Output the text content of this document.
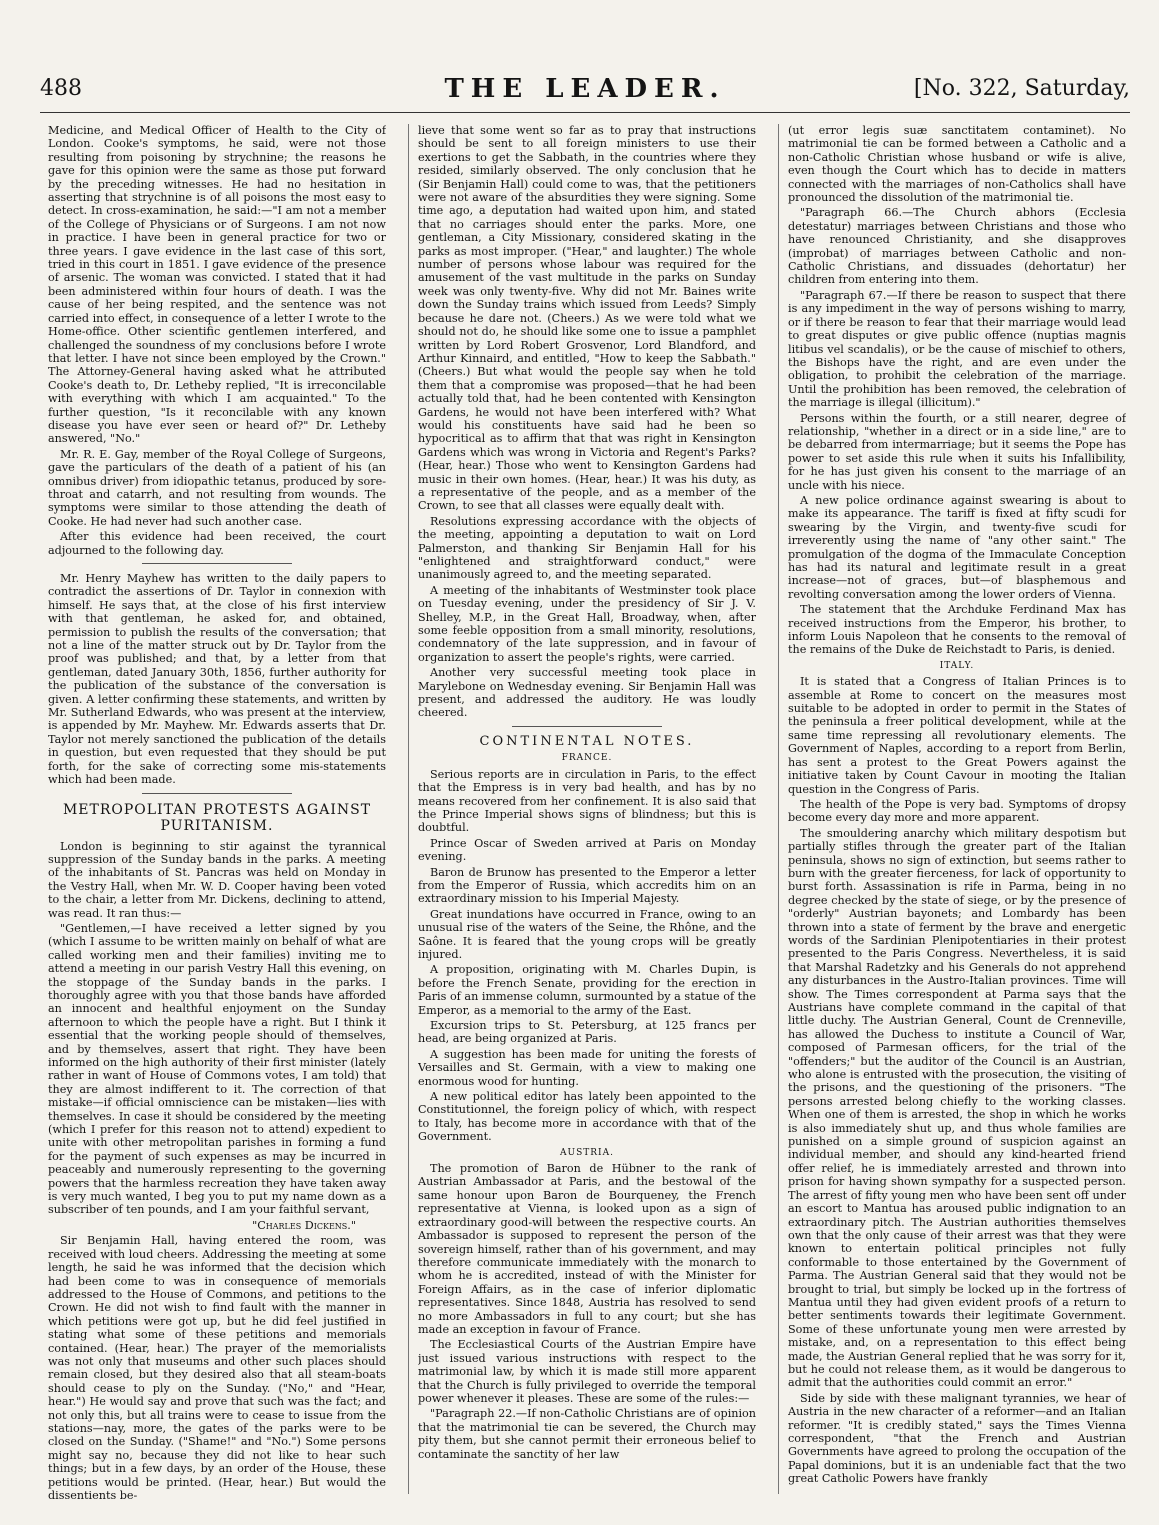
488	THE LEADER.	[No. 322, Saturday,

Medicine, and Medical Officer of Health to the City of London. Cooke's symptoms, he said, were not those resulting from poisoning by strychnine; the reasons he gave for this opinion were the same as those put forward by the preceding witnesses. He had no hesitation in asserting that strychnine is of all poisons the most easy to detect. In cross-examination, he said:—"I am not a member of the College of Physicians or of Surgeons. I am not now in practice. I have been in general practice for two or three years. I gave evidence in the last case of this sort, tried in this court in 1851. I gave evidence of the presence of arsenic. The woman was convicted. I stated that it had been administered within four hours of death. I was the cause of her being respited, and the sentence was not carried into effect, in consequence of a letter I wrote to the Home-office. Other scientific gentlemen interfered, and challenged the soundness of my conclusions before I wrote that letter. I have not since been employed by the Crown." The Attorney-General having asked what he attributed Cooke's death to, Dr. Letheby replied, "It is irreconcilable with everything with which I am acquainted." To the further question, "Is it reconcilable with any known disease you have ever seen or heard of?" Dr. Letheby answered, "No."

Mr. R. E. Gay, member of the Royal College of Surgeons, gave the particulars of the death of a patient of his (an omnibus driver) from idiopathic tetanus, produced by sore-throat and catarrh, and not resulting from wounds. The symptoms were similar to those attending the death of Cooke. He had never had such another case.

After this evidence had been received, the court adjourned to the following day.

Mr. Henry Mayhew has written to the daily papers to contradict the assertions of Dr. Taylor in connexion with himself. He says that, at the close of his first interview with that gentleman, he asked for, and obtained, permission to publish the results of the conversation; that not a line of the matter struck out by Dr. Taylor from the proof was published; and that, by a letter from that gentleman, dated January 30th, 1856, further authority for the publication of the substance of the conversation is given. A letter confirming these statements, and written by Mr. Sutherland Edwards, who was present at the interview, is appended by Mr. Mayhew. Mr. Edwards asserts that Dr. Taylor not merely sanctioned the publication of the details in question, but even requested that they should be put forth, for the sake of correcting some mis-statements which had been made.

METROPOLITAN PROTESTS AGAINST PURITANISM.

London is beginning to stir against the tyrannical suppression of the Sunday bands in the parks. A meeting of the inhabitants of St. Pancras was held on Monday in the Vestry Hall, when Mr. W. D. Cooper having been voted to the chair, a letter from Mr. Dickens, declining to attend, was read. It ran thus:—

"Gentlemen,—I have received a letter signed by you (which I assume to be written mainly on behalf of what are called working men and their families) inviting me to attend a meeting in our parish Vestry Hall this evening, on the stoppage of the Sunday bands in the parks. I thoroughly agree with you that those bands have afforded an innocent and healthful enjoyment on the Sunday afternoon to which the people have a right. But I think it essential that the working people should of themselves, and by themselves, assert that right. They have been informed on the high authority of their first minister (lately rather in want of House of Commons votes, I am told) that they are almost indifferent to it. The correction of that mistake—if official omniscience can be mistaken—lies with themselves. In case it should be considered by the meeting (which I prefer for this reason not to attend) expedient to unite with other metropolitan parishes in forming a fund for the payment of such expenses as may be incurred in peaceably and numerously representing to the governing powers that the harmless recreation they have taken away is very much wanted, I beg you to put my name down as a subscriber of ten pounds, and I am your faithful servant,

"Charles Dickens."

Sir Benjamin Hall, having entered the room, was received with loud cheers. Addressing the meeting at some length, he said he was informed that the decision which had been come to was in consequence of memorials addressed to the House of Commons, and petitions to the Crown. He did not wish to find fault with the manner in which petitions were got up, but he did feel justified in stating what some of these petitions and memorials contained. (Hear, hear.) The prayer of the memorialists was not only that museums and other such places should remain closed, but they desired also that all steam-boats should cease to ply on the Sunday. ("No," and "Hear, hear.") He would say and prove that such was the fact; and not only this, but all trains were to cease to issue from the stations—nay, more, the gates of the parks were to be closed on the Sunday. ("Shame!" and "No.") Some persons might say no, because they did not like to hear such things; but in a few days, by an order of the House, these petitions would be printed. (Hear, hear.) But would the dissentients be-

lieve that some went so far as to pray that instructions should be sent to all foreign ministers to use their exertions to get the Sabbath, in the countries where they resided, similarly observed. The only conclusion that he (Sir Benjamin Hall) could come to was, that the petitioners were not aware of the absurdities they were signing. Some time ago, a deputation had waited upon him, and stated that no carriages should enter the parks. More, one gentleman, a City Missionary, considered skating in the parks as most improper. ("Hear," and laughter.) The whole number of persons whose labour was required for the amusement of the vast multitude in the parks on Sunday week was only twenty-five. Why did not Mr. Baines write down the Sunday trains which issued from Leeds? Simply because he dare not. (Cheers.) As we were told what we should not do, he should like some one to issue a pamphlet written by Lord Robert Grosvenor, Lord Blandford, and Arthur Kinnaird, and entitled, "How to keep the Sabbath." (Cheers.) But what would the people say when he told them that a compromise was proposed—that he had been actually told that, had he been contented with Kensington Gardens, he would not have been interfered with? What would his constituents have said had he been so hypocritical as to affirm that that was right in Kensington Gardens which was wrong in Victoria and Regent's Parks? (Hear, hear.) Those who went to Kensington Gardens had music in their own homes. (Hear, hear.) It was his duty, as a representative of the people, and as a member of the Crown, to see that all classes were equally dealt with.

Resolutions expressing accordance with the objects of the meeting, appointing a deputation to wait on Lord Palmerston, and thanking Sir Benjamin Hall for his "enlightened and straightforward conduct," were unanimously agreed to, and the meeting separated.

A meeting of the inhabitants of Westminster took place on Tuesday evening, under the presidency of Sir J. V. Shelley, M.P., in the Great Hall, Broadway, when, after some feeble opposition from a small minority, resolutions, condemnatory of the late suppression, and in favour of organization to assert the people's rights, were carried.

Another very successful meeting took place in Marylebone on Wednesday evening. Sir Benjamin Hall was present, and addressed the auditory. He was loudly cheered.

CONTINENTAL NOTES.
FRANCE.

Serious reports are in circulation in Paris, to the effect that the Empress is in very bad health, and has by no means recovered from her confinement. It is also said that the Prince Imperial shows signs of blindness; but this is doubtful.

Prince Oscar of Sweden arrived at Paris on Monday evening.

Baron de Brunow has presented to the Emperor a letter from the Emperor of Russia, which accredits him on an extraordinary mission to his Imperial Majesty.

Great inundations have occurred in France, owing to an unusual rise of the waters of the Seine, the Rhône, and the Saône. It is feared that the young crops will be greatly injured.

A proposition, originating with M. Charles Dupin, is before the French Senate, providing for the erection in Paris of an immense column, surmounted by a statue of the Emperor, as a memorial to the army of the East.

Excursion trips to St. Petersburg, at 125 francs per head, are being organized at Paris.

A suggestion has been made for uniting the forests of Versailles and St. Germain, with a view to making one enormous wood for hunting.

A new political editor has lately been appointed to the Constitutionnel, the foreign policy of which, with respect to Italy, has become more in accordance with that of the Government.

AUSTRIA.

The promotion of Baron de Hübner to the rank of Austrian Ambassador at Paris, and the bestowal of the same honour upon Baron de Bourqueney, the French representative at Vienna, is looked upon as a sign of extraordinary good-will between the respective courts. An Ambassador is supposed to represent the person of the sovereign himself, rather than of his government, and may therefore communicate immediately with the monarch to whom he is accredited, instead of with the Minister for Foreign Affairs, as in the case of inferior diplomatic representatives. Since 1848, Austria has resolved to send no more Ambassadors in full to any court; but she has made an exception in favour of France.

The Ecclesiastical Courts of the Austrian Empire have just issued various instructions with respect to the matrimonial law, by which it is made still more apparent that the Church is fully privileged to override the temporal power whenever it pleases. These are some of the rules:—

"Paragraph 22.—If non-Catholic Christians are of opinion that the matrimonial tie can be severed, the Church may pity them, but she cannot permit their erroneous belief to contaminate the sanctity of her law

(ut error legis suæ sanctitatem contaminet). No matrimonial tie can be formed between a Catholic and a non-Catholic Christian whose husband or wife is alive, even though the Court which has to decide in matters connected with the marriages of non-Catholics shall have pronounced the dissolution of the matrimonial tie.

"Paragraph 66.—The Church abhors (Ecclesia detestatur) marriages between Christians and those who have renounced Christianity, and she disapproves (improbat) of marriages between Catholic and non-Catholic Christians, and dissuades (dehortatur) her children from entering into them.

"Paragraph 67.—If there be reason to suspect that there is any impediment in the way of persons wishing to marry, or if there be reason to fear that their marriage would lead to great disputes or give public offence (nuptias magnis litibus vel scandalis), or be the cause of mischief to others, the Bishops have the right, and are even under the obligation, to prohibit the celebration of the marriage. Until the prohibition has been removed, the celebration of the marriage is illegal (illicitum)."

Persons within the fourth, or a still nearer, degree of relationship, "whether in a direct or in a side line," are to be debarred from intermarriage; but it seems the Pope has power to set aside this rule when it suits his Infallibility, for he has just given his consent to the marriage of an uncle with his niece.

A new police ordinance against swearing is about to make its appearance. The tariff is fixed at fifty scudi for swearing by the Virgin, and twenty-five scudi for irreverently using the name of "any other saint." The promulgation of the dogma of the Immaculate Conception has had its natural and legitimate result in a great increase—not of graces, but—of blasphemous and revolting conversation among the lower orders of Vienna.

The statement that the Archduke Ferdinand Max has received instructions from the Emperor, his brother, to inform Louis Napoleon that he consents to the removal of the remains of the Duke de Reichstadt to Paris, is denied.

ITALY.

It is stated that a Congress of Italian Princes is to assemble at Rome to concert on the measures most suitable to be adopted in order to permit in the States of the peninsula a freer political development, while at the same time repressing all revolutionary elements. The Government of Naples, according to a report from Berlin, has sent a protest to the Great Powers against the initiative taken by Count Cavour in mooting the Italian question in the Congress of Paris.

The health of the Pope is very bad. Symptoms of dropsy become every day more and more apparent.

The smouldering anarchy which military despotism but partially stifles through the greater part of the Italian peninsula, shows no sign of extinction, but seems rather to burn with the greater fierceness, for lack of opportunity to burst forth. Assassination is rife in Parma, being in no degree checked by the state of siege, or by the presence of "orderly" Austrian bayonets; and Lombardy has been thrown into a state of ferment by the brave and energetic words of the Sardinian Plenipotentiaries in their protest presented to the Paris Congress. Nevertheless, it is said that Marshal Radetzky and his Generals do not apprehend any disturbances in the Austro-Italian provinces. Time will show. The Times correspondent at Parma says that the Austrians have complete command in the capital of that little duchy. The Austrian General, Count de Crenneville, has allowed the Duchess to institute a Council of War, composed of Parmesan officers, for the trial of the "offenders;" but the auditor of the Council is an Austrian, who alone is entrusted with the prosecution, the visiting of the prisons, and the questioning of the prisoners. "The persons arrested belong chiefly to the working classes. When one of them is arrested, the shop in which he works is also immediately shut up, and thus whole families are punished on a simple ground of suspicion against an individual member, and should any kind-hearted friend offer relief, he is immediately arrested and thrown into prison for having shown sympathy for a suspected person. The arrest of fifty young men who have been sent off under an escort to Mantua has aroused public indignation to an extraordinary pitch. The Austrian authorities themselves own that the only cause of their arrest was that they were known to entertain political principles not fully conformable to those entertained by the Government of Parma. The Austrian General said that they would not be brought to trial, but simply be locked up in the fortress of Mantua until they had given evident proofs of a return to better sentiments towards their legitimate Government. Some of these unfortunate young men were arrested by mistake, and, on a representation to this effect being made, the Austrian General replied that he was sorry for it, but he could not release them, as it would be dangerous to admit that the authorities could commit an error."

Side by side with these malignant tyrannies, we hear of Austria in the new character of a reformer—and an Italian reformer. "It is credibly stated," says the Times Vienna correspondent, "that the French and Austrian Governments have agreed to prolong the occupation of the Papal dominions, but it is an undeniable fact that the two great Catholic Powers have frankly
